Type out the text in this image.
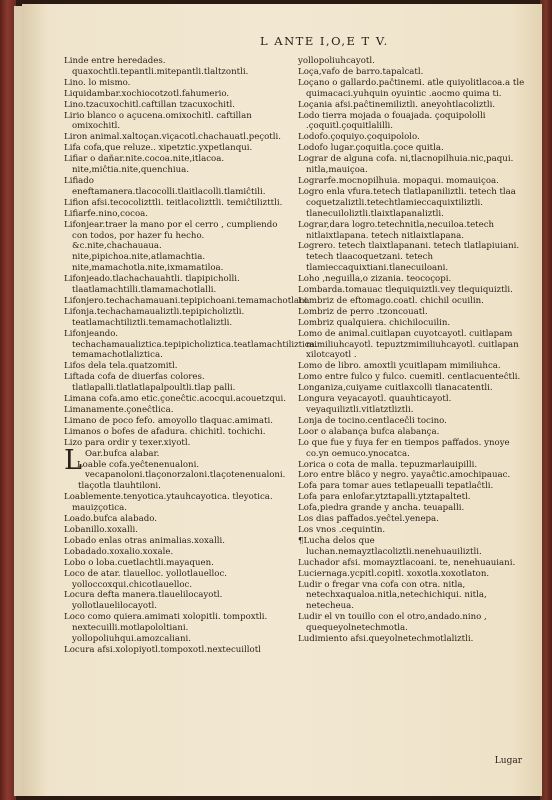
L ANTE I,O,E T V.

Linde entre heredades. quaxochtli.tepantli.mitepantli.tlaltzontli.

Lino. lo mismo.

Liquidambar.xochiocotzotl.fahumerio.

Lino.tzacuxochitl.caftillan tzacuxochitl.

Lirio blanco o açucena.omixochitl. caftillan omixochitl.

Liron animal.xaltoçan.viçacotl.chachauatl.peçotli.

Lifa cofa,que reluze.. xipetztic.yxpetlanqui.

Lifiar o dañar.nite.cocoa.nite,itlacoa. nite,miĉtia.nite,quenchiua.

Lifiado eneftamanera.tlacocolli.tlaitlacolli.tlamiĉtili.

Lifion afsi.tecocolizttli. teitlacolizttli. temiĉtilizttli.

Lifiarfe.nino,cocoa.

Lifonjear.traer la mano por el cerro , cumpliendo con todos, por hazer fu hecho. &c.nite,chachauaua. nite,pipichoa.nite,atlamachtia. nite,mamachotla.nite,ixmamatiloa.

Lifonjeado.tlachachauahtli. tlapipicholli. tlaatlamachtilli.tlamamachotlalli.

Lifonjero.techachamauani.tepipichoani.temamachotlani.

Lifonja.techachamaualiztli.tepipicholiztli. teatlamachtiliztli.temamachotlaliztli.

Lifonjeando. techachamaualiztica.tepipicholiztica.teatlamachtiliztica. temamachotlaliztica.

Lifos dela tela.quatzomitl.

Liftada cofa de diuerfas colores. tlatlapalli.tlatlatlapalpoultli.tlap palli.

Limana cofa.amo etic.çoneĉtic.acocqui.acouetzqui.

Limanamente.çoneĉtlica.

Limano de poco fefo. amoyollo tlaquac.amimati.

Limanos o bofes de afadura. chichitl. tochichi.

Lizo para ordir y texer.xiyotl.

L Oar.bufca alabar.

Loable cofa.yeĉtenenualoni. vecapanoloni.tlaçonorzaloni.tlaçotenenualoni. tlaçotla tlauhtiloni.

Loablemente.tenyotica.ytauhcayotica. tleyotica. mauiẓçotica.

Loado.bufca alabado.

Lobanillo.xoxalli.

Lobado enlas otras animalias.xoxalli.

Lobadado.xoxalio.xoxale.

Lobo o loba.cuetlachtli.mayaquen.

Loco de atar. tlauelloc. yollotlauelloc. yolloccoxqui.chicotlauelloc.

Locura defta manera.tlauelilocayotl. yollotlauelilocayotl.

Loco como quiera.amimati xolopitli. tompoxtli. nextecuilli.motlapololtiani. yollopoliuhqui.amozcaliani.

Locura afsi.xolopiyotl.tompoxotl.nextecuillotl

yollopoliuhcayotl.

Loça,vafo de barro.tapalcatl.

Loçano o gallardo.paĉtinemi. atle quiyolitlacoa.a tle quimacaci.yuhquin oyuintic .aocmo quima ti.

Loçania afsi.paĉtinemiliztli. aneyohtlacoliztli.

Lodo tierra mojada o fouajada. çoquipololli .çoquitl.çoquitlalilli.

Lodofo.çoquiyo.çoquipololo.

Lodofo lugar.çoquitla.çoce quitla.

Lograr de alguna cofa. ni,tlacnopilhuia.nic,paqui. nitla,mauiçoa.

Lograrfe.mocnopilhuia. mopaqui. momauiçoa.

Logro enla vfura.tetech tlatlapaniliztli. tetech tlaa coquetzaliztli.tetechtlamieccaquixtiliztli. tlanecuiloliztli.tlaixtlapanaliztli.

Lograr,dara logro.tetechnitla,necuiloa.tetech nitlaixtlapana. tetech nitlaixtlapana.

Logrero. tetech tlaixtlapanani. tetech tlatlapiuiani. tetech tlaacoquetzani. tetech tlamieccaquixtiani.tlanecuiloani.

Loho ,neguilla,o zizania. teocoçopi.

Lombarda.tomauac tlequiquiztli.vey tlequiquiztli.

Lombriz de eftomago.coatl. chichil ocuilin.

Lombriz de perro .tzoncouatl.

Lombriz qualquiera. chichilocuilin.

Lomo de animal.cuitlapan cuyotcayotl. cuitlapam mimiliuhcayotl. tepuztzmimiliuhcayotl. cuitlapan xilotcayotl .

Lomo de libro. amoxtli ycuitlapam mimiliuhca.

Lomo entre fulco y fulco. cuemitl. centlacuenteĉtli.

Longaniza,cuiyame cuitlaxcolli tlanacatentli.

Longura veyacayotl. quauhticayotl. veyaquiliztli.vitlatztliztli.

Lonja de tocino.centlaceĉli tocino.

Loor o alabança bufca alabança.

Lo que fue y fuya fer en tiempos paffados. ynoye co.yn oemuco.ynocatca.

Lorica o cota de malla. tepuzmarlauipilli.

Loro entre blãco y negro. yayaĉtic.amochipauac.

Lofa para tomar aues tetlapeualli tepatlaĉtli.

Lofa para enlofar.ytztapalli.ytztapaltetl.

Lofa,piedra grande y ancha. teuapalli.

Los dias paffados.yeĉtel.yenepa.

Los vnos .cequintin.

¶Lucha delos que luchan.nemayztlacoliztli.nenehuauiliztli.

Luchador afsi. momayztlacoani. te, nenehuauiani.

Luciernaga.ycpitl.copitl. xoxotla.xoxotlaton.

Ludir o fregar vna cofa con otra. nitla, netechxaqualoa.nitla,netechichiqui. nitla, netecheua.

Ludir el vn touillo con el otro,andado.nino , quequeyolnetechmotla.

Ludimiento afsi.queyolnetechmotlaliztli.

Lugar
